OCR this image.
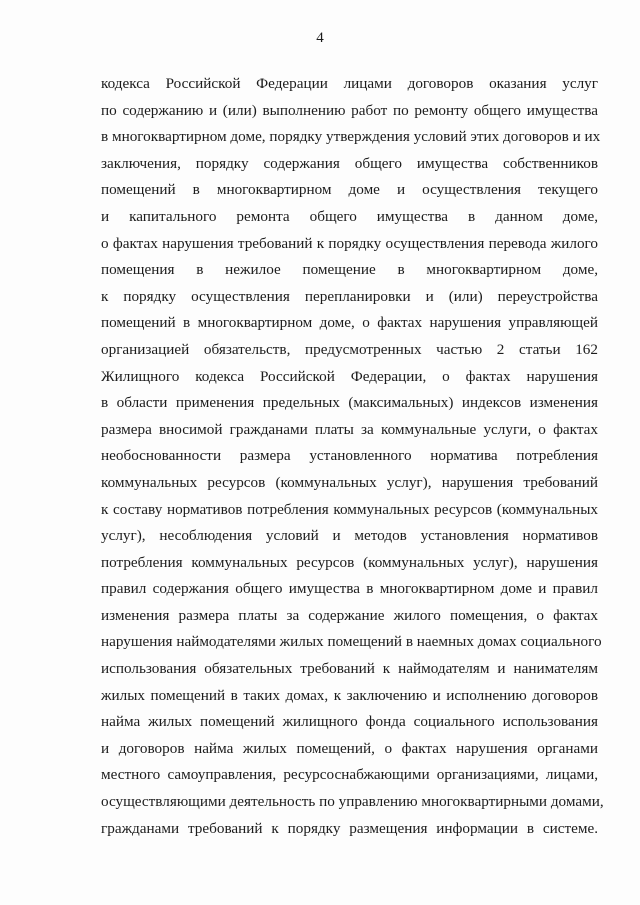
4
кодекса Российской Федерации лицами договоров оказания услуг
по содержанию и (или) выполнению работ по ремонту общего имущества
в многоквартирном доме, порядку утверждения условий этих договоров и их
заключения, порядку содержания общего имущества собственников
помещений в многоквартирном доме и осуществления текущего
и капитального ремонта общего имущества в данном доме,
о фактах нарушения требований к порядку осуществления перевода жилого
помещения в нежилое помещение в многоквартирном доме,
к порядку осуществления перепланировки и (или) переустройства
помещений в многоквартирном доме, о фактах нарушения управляющей
организацией обязательств, предусмотренных частью 2 статьи 162
Жилищного кодекса Российской Федерации, о фактах нарушения
в области применения предельных (максимальных) индексов изменения
размера вносимой гражданами платы за коммунальные услуги, о фактах
необоснованности размера установленного норматива потребления
коммунальных ресурсов (коммунальных услуг), нарушения требований
к составу нормативов потребления коммунальных ресурсов (коммунальных
услуг), несоблюдения условий и методов установления нормативов
потребления коммунальных ресурсов (коммунальных услуг), нарушения
правил содержания общего имущества в многоквартирном доме и правил
изменения размера платы за содержание жилого помещения, о фактах
нарушения наймодателями жилых помещений в наемных домах социального
использования обязательных требований к наймодателям и нанимателям
жилых помещений в таких домах, к заключению и исполнению договоров
найма жилых помещений жилищного фонда социального использования
и договоров найма жилых помещений, о фактах нарушения органами
местного самоуправления, ресурсоснабжающими организациями, лицами,
осуществляющими деятельность по управлению многоквартирными домами,
гражданами требований к порядку размещения информации в системе.
